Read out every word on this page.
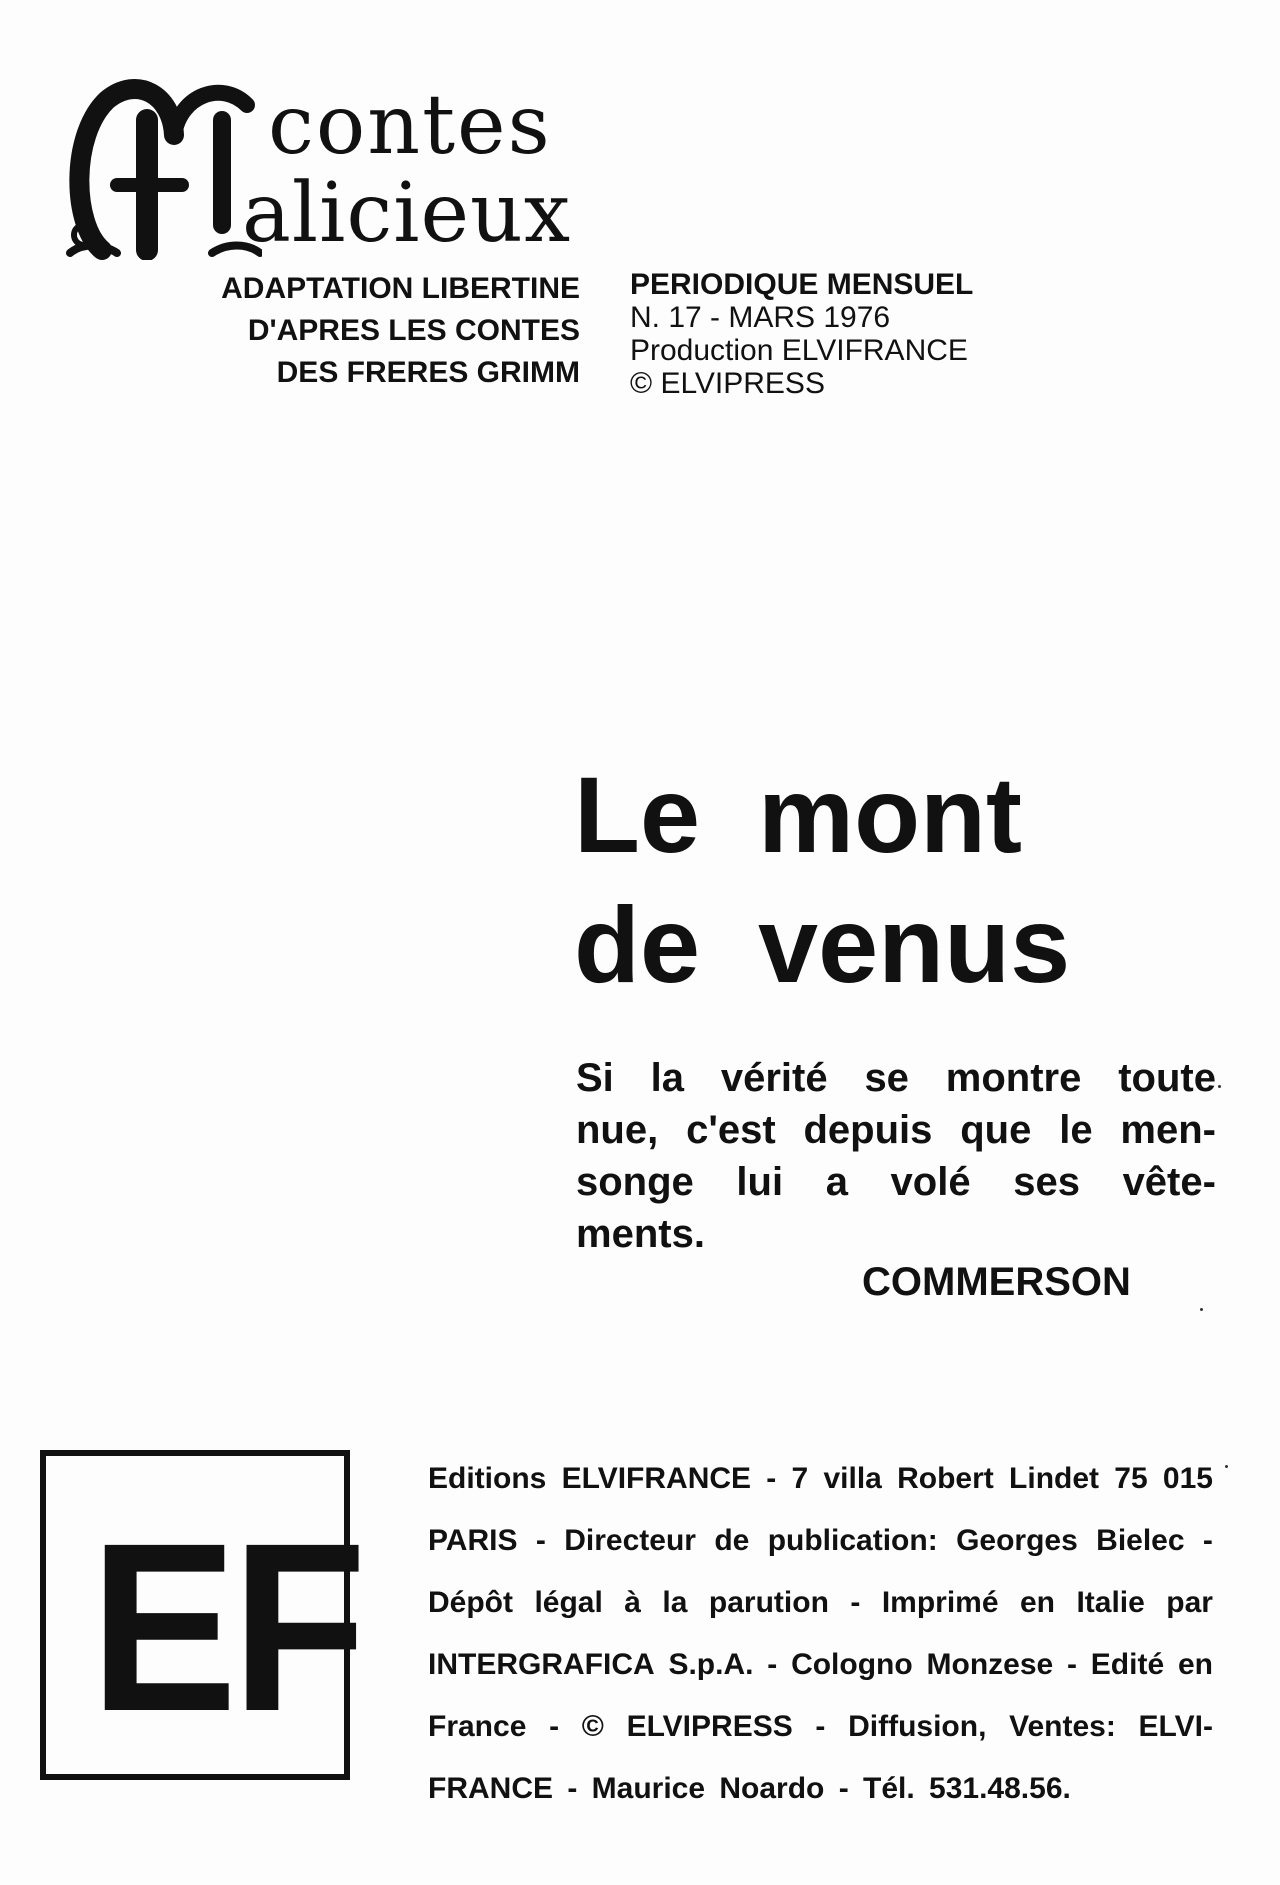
contes
alicieux
ADAPTATION LIBERTINE
D'APRES LES CONTES
DES FRERES GRIMM
PERIODIQUE MENSUEL
N. 17 - MARS 1976
Production ELVIFRANCE
© ELVIPRESS
Le mont
de venus
Si la vérité se montre toute
nue, c'est depuis que le men-
songe lui a volé ses vête-
ments.
COMMERSON
EF
Editions ELVIFRANCE - 7 villa Robert Lindet 75 015
PARIS - Directeur de publication: Georges Bielec -
Dépôt légal à la parution - Imprimé en Italie par
INTERGRAFICA S.p.A. - Cologno Monzese - Edité en
France - © ELVIPRESS - Diffusion, Ventes: ELVI-
FRANCE - Maurice Noardo - Tél. 531.48.56.
